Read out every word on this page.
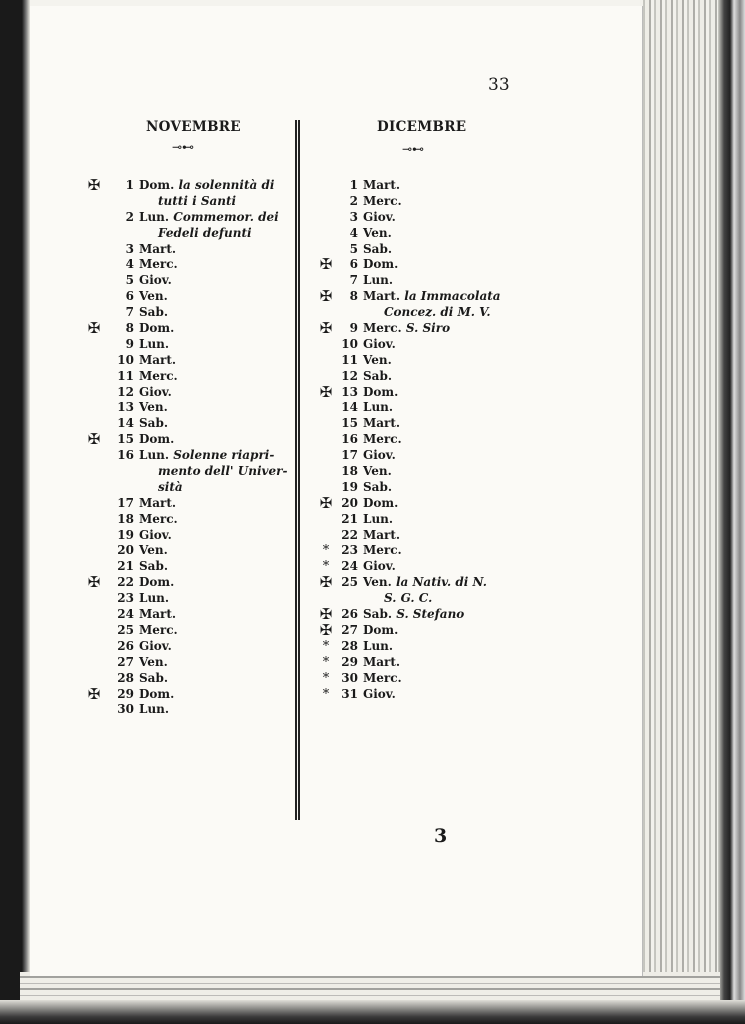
33
NOVEMBRE
⊸⊷
DICEMBRE
⊸⊷
✠	1 Dom. la solennità di
tutti i Santi
2 Lun. Commemor. dei
Fedeli defunti
3 Mart.
4 Merc.
5 Giov.
6 Ven.
7 Sab.
✠	8 Dom.
9 Lun.
10 Mart.
11 Merc.
12 Giov.
13 Ven.
14 Sab.
✠	15 Dom.
16 Lun. Solenne riapri-
mento dell' Univer-
sità
17 Mart.
18 Merc.
19 Giov.
20 Ven.
21 Sab.
✠	22 Dom.
23 Lun.
24 Mart.
25 Merc.
26 Giov.
27 Ven.
28 Sab.
✠	29 Dom.
30 Lun.
1 Mart.
2 Merc.
3 Giov.
4 Ven.
5 Sab.
✠	6 Dom.
7 Lun.
✠	8 Mart. la Immacolata
Concez. di M. V.
✠	9 Merc. S. Siro
10 Giov.
11 Ven.
12 Sab.
✠ 13 Dom.
14 Lun.
15 Mart.
16 Merc.
17 Giov.
18 Ven.
19 Sab.
✠ 20 Dom.
21 Lun.
22 Mart.
*	23 Merc.
*	24 Giov.
✠ 25 Ven. la Nativ. di N.
S. G. C.
✠ 26 Sab. S. Stefano
✠ 27 Dom.
*	28 Lun.
*	29 Mart.
*	30 Merc.
*	31 Giov.
3
